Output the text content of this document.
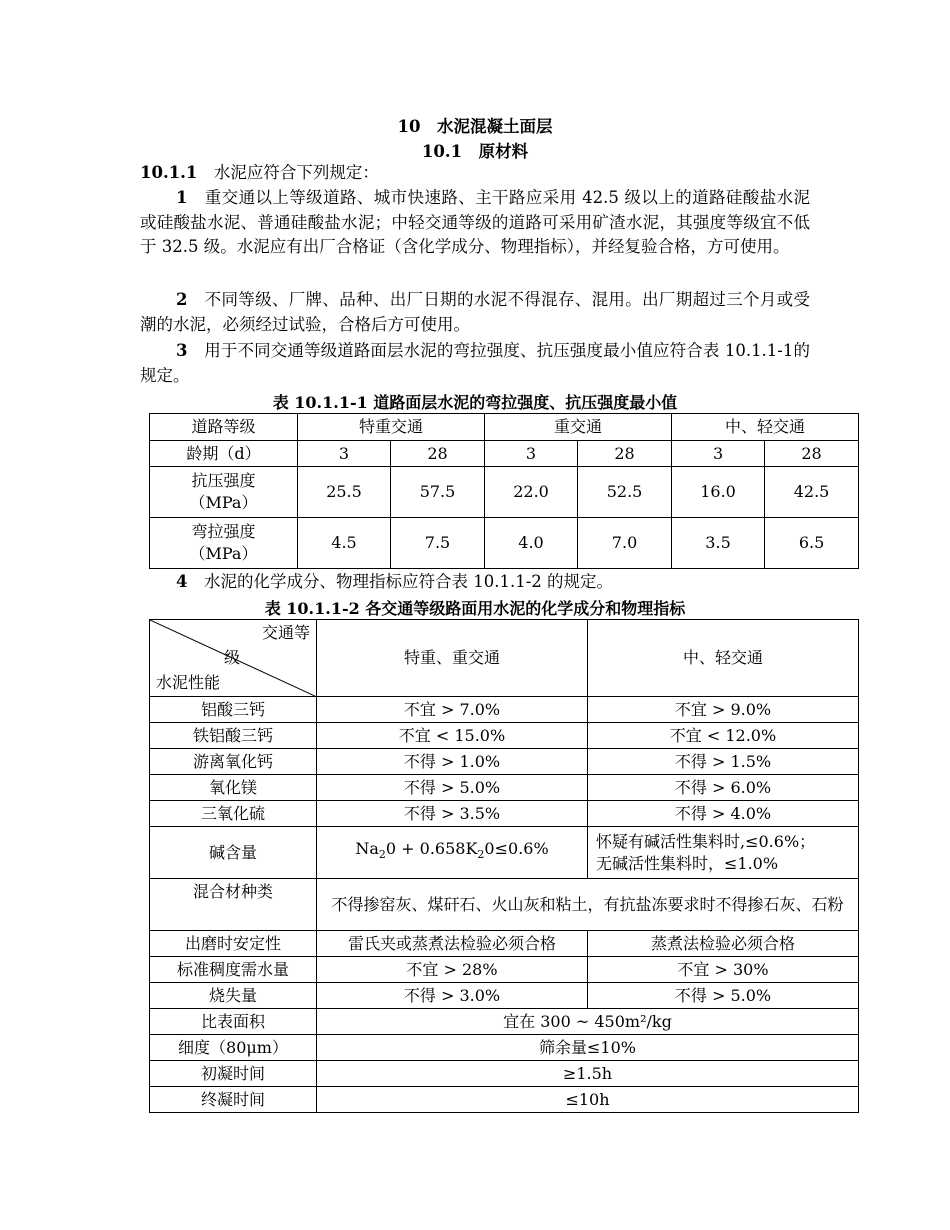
10　水泥混凝土面层
10.1　原材料
10.1.1　 水泥应符合下列规定：
1　 重交通以上等级道路、城市快速路、主干路应采用 42.5 级以上的道路硅酸盐水泥或硅酸盐水泥、普通硅酸盐水泥；中轻交通等级的道路可采用矿渣水泥，其强度等级宜不低于 32.5 级。水泥应有出厂合格证（含化学成分、物理指标），并经复验合格，方可使用。
2　 不同等级、厂牌、品种、出厂日期的水泥不得混存、混用。出厂期超过三个月或受潮的水泥，必须经过试验，合格后方可使用。
3　 用于不同交通等级道路面层水泥的弯拉强度、抗压强度最小值应符合表 10.1.1-1的规定。
表 10.1.1-1 道路面层水泥的弯拉强度、抗压强度最小值
道路等级	特重交通		重交通		中、轻交通	
龄期（d）	3	28	3	28	3	28
抗压强度
（MPa）	25.5	57.5	22.0	52.5	16.0	42.5
弯拉强度
（MPa）	4.5	7.5	4.0	7.0	3.5	6.5
4　 水泥的化学成分、物理指标应符合表 10.1.1-2 的规定。
表 10.1.1-2 各交通等级路面用水泥的化学成分和物理指标
交通等
级
水泥性能	特重、重交通	中、轻交通
铝酸三钙	不宜 > 7.0%	不宜 > 9.0%
铁铝酸三钙	不宜 < 15.0%	不宜 < 12.0%
游离氧化钙	不得 > 1.0%	不得 > 1.5%
氧化镁	不得 > 5.0%	不得 > 6.0%
三氧化硫	不得 > 3.5%	不得 > 4.0%
碱含量	$Na_20 + 0.658K_20\le 0.6\%$	怀疑有碱活性集料时,≤0.6%；
无碱活性集料时，≤1.0%
混合材种类	不得掺窑灰、煤矸石、火山灰和粘土，有抗盐冻要求时不得掺石灰、石粉	
出磨时安定性	雷氏夹或蒸煮法检验必须合格	蒸煮法检验必须合格
标准稠度需水量	不宜 > 28%	不宜 > 30%
烧失量	不得 > 3.0%	不得 > 5.0%
比表面积	宜在 300 ~ 450m²/kg	
细度（80μm）	筛余量≤10%	
初凝时间	≥1.5h	
终凝时间	≤10h	
